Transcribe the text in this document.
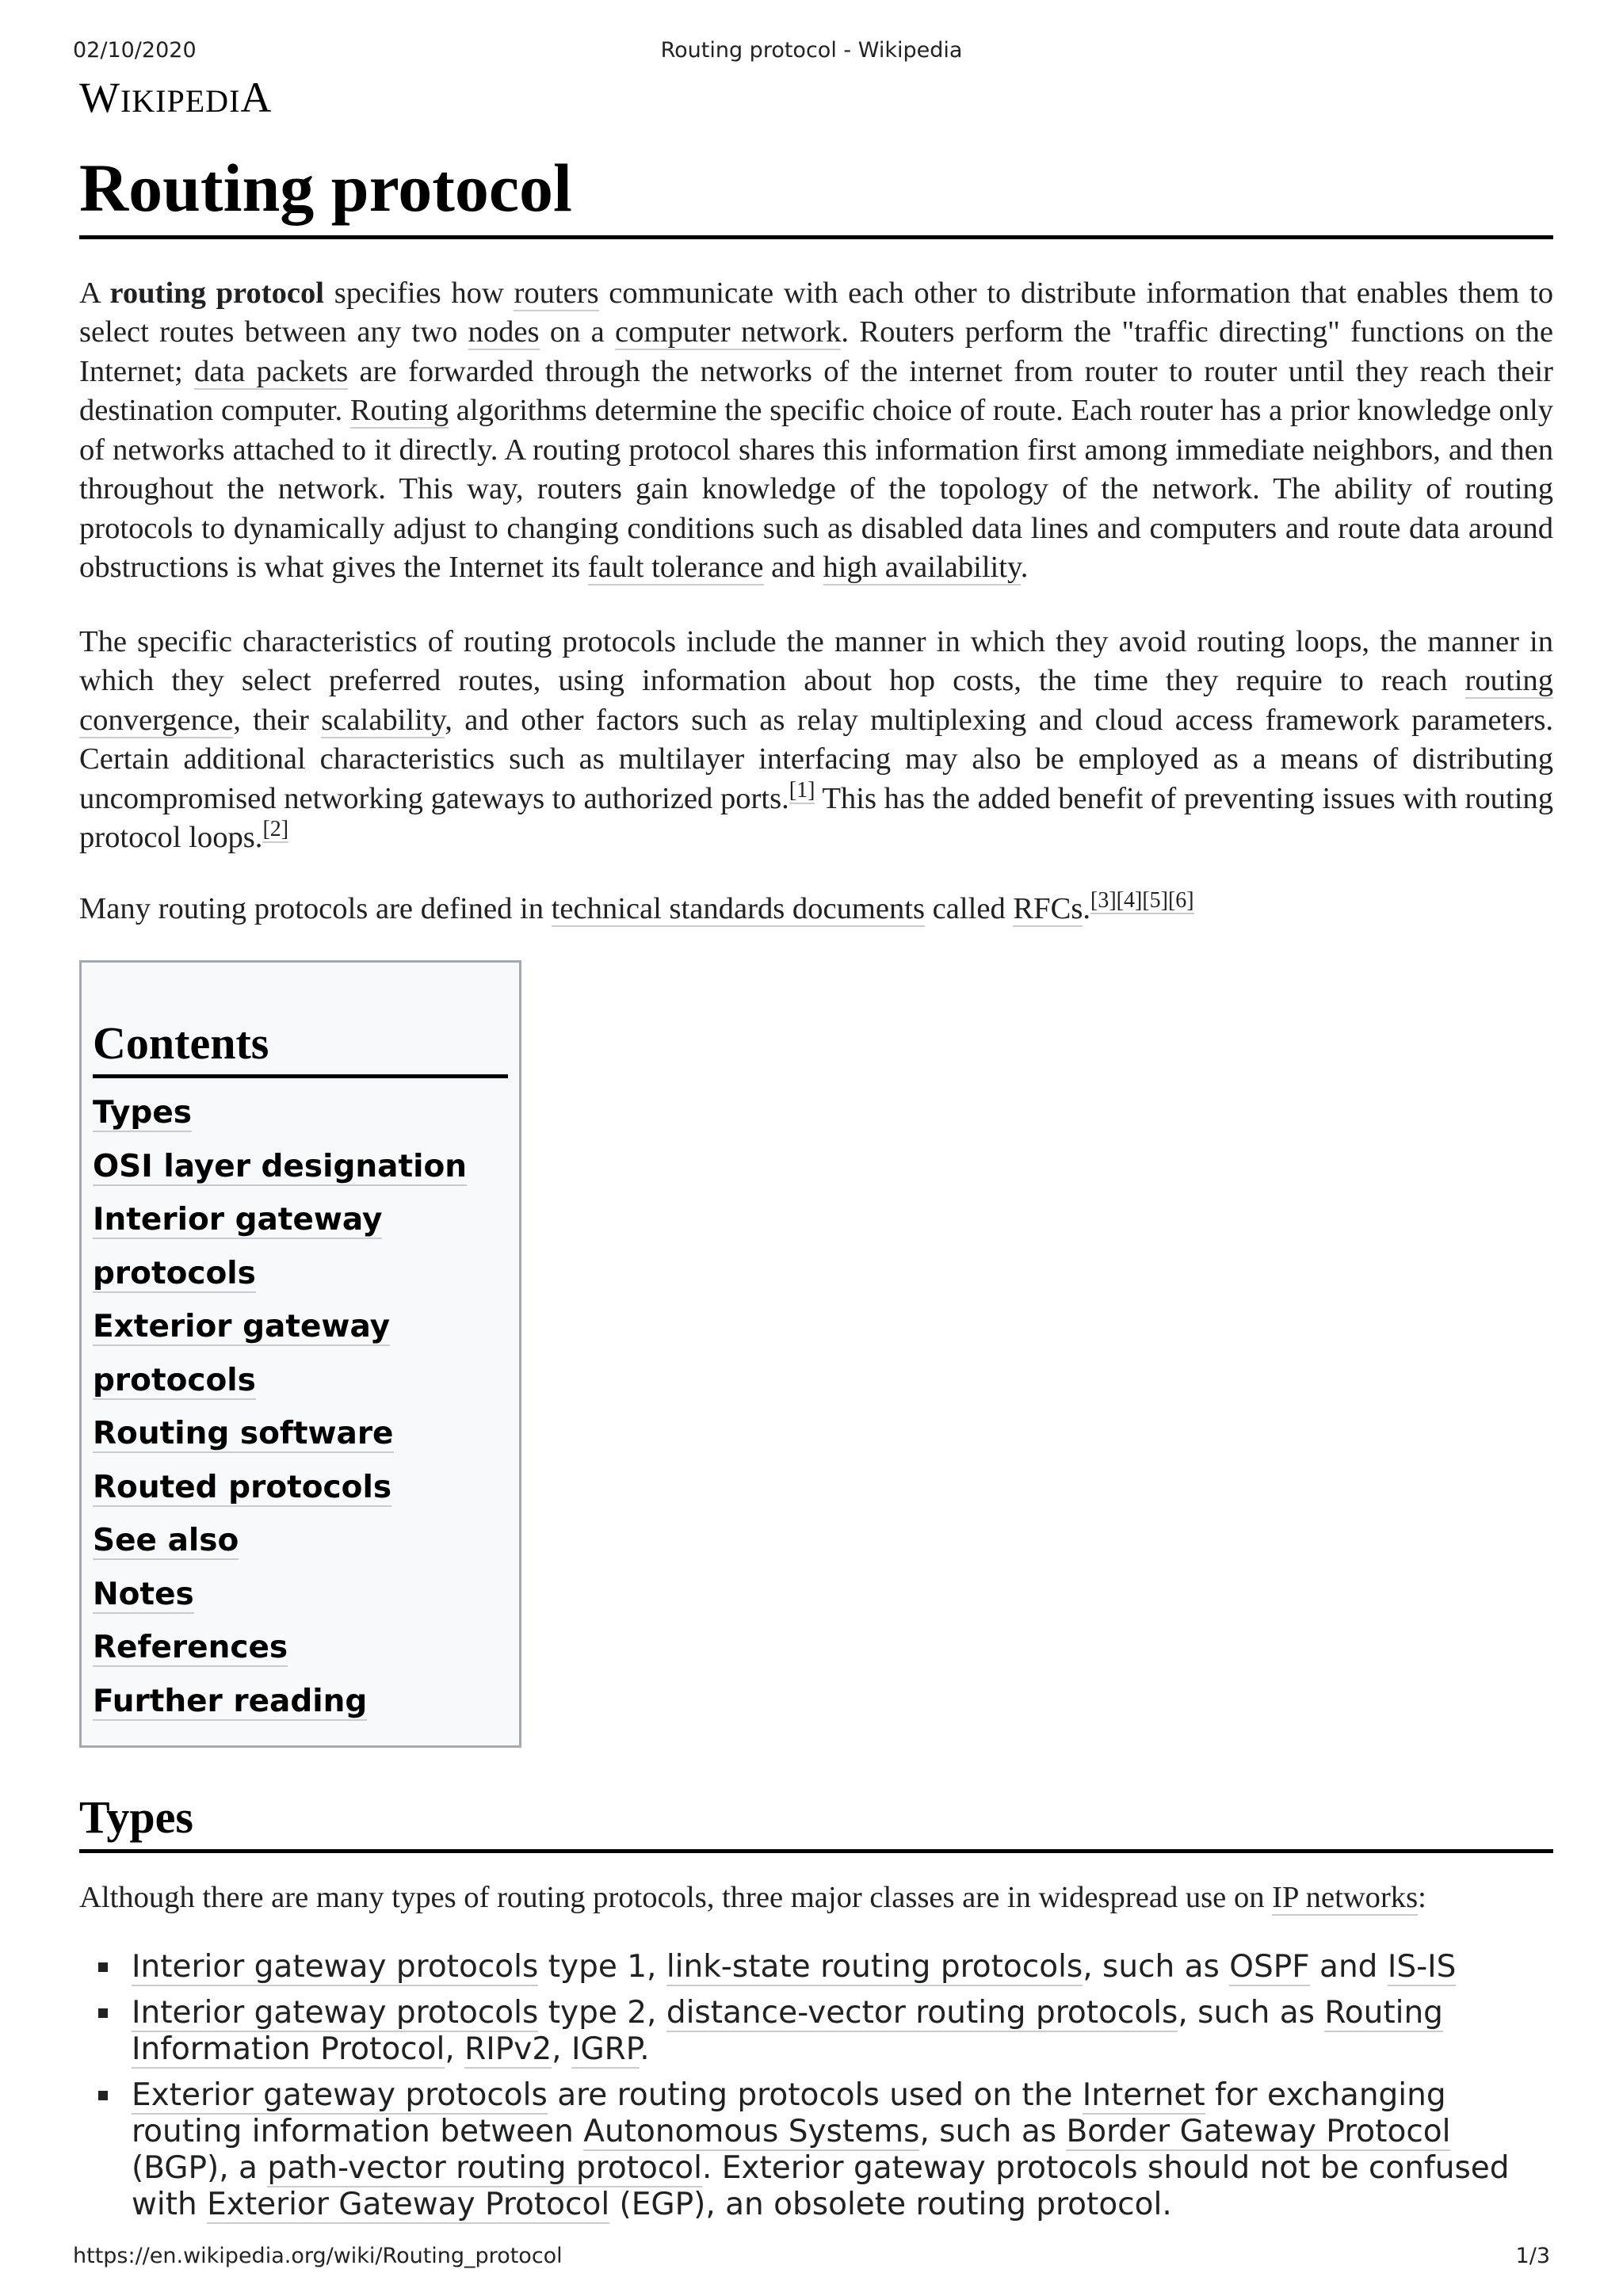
02/10/2020	Routing protocol - Wikipedia
WIKIPEDIA
Routing protocol

A routing protocol specifies how routers communicate with each other to distribute information that enables them to select routes between any two nodes on a computer network. Routers perform the "traffic directing" functions on the Internet; data packets are forwarded through the networks of the internet from router to router until they reach their destination computer. Routing algorithms determine the specific choice of route. Each router has a prior knowledge only of networks attached to it directly. A routing protocol shares this information first among immediate neighbors, and then throughout the network. This way, routers gain knowledge of the topology of the network. The ability of routing protocols to dynamically adjust to changing conditions such as disabled data lines and computers and route data around obstructions is what gives the Internet its fault tolerance and high availability.

The specific characteristics of routing protocols include the manner in which they avoid routing loops, the manner in which they select preferred routes, using information about hop costs, the time they require to reach routing convergence, their scalability, and other factors such as relay multiplexing and cloud access framework parameters. Certain additional characteristics such as multilayer interfacing may also be employed as a means of distributing uncompromised networking gateways to authorized ports.[1] This has the added benefit of preventing issues with routing protocol loops.[2]

Many routing protocols are defined in technical standards documents called RFCs.[3][4][5][6]

Contents
Types
OSI layer designation
Interior gateway protocols
Exterior gateway protocols
Routing software
Routed protocols
See also
Notes
References
Further reading
Types

Although there are many types of routing protocols, three major classes are in widespread use on IP networks:

Interior gateway protocols type 1, link-state routing protocols, such as OSPF and IS-IS
Interior gateway protocols type 2, distance-vector routing protocols, such as Routing Information Protocol, RIPv2, IGRP.
Exterior gateway protocols are routing protocols used on the Internet for exchanging routing information between Autonomous Systems, such as Border Gateway Protocol (BGP), a path-vector routing protocol. Exterior gateway protocols should not be confused with Exterior Gateway Protocol (EGP), an obsolete routing protocol.
https://en.wikipedia.org/wiki/Routing_protocol	1/3
